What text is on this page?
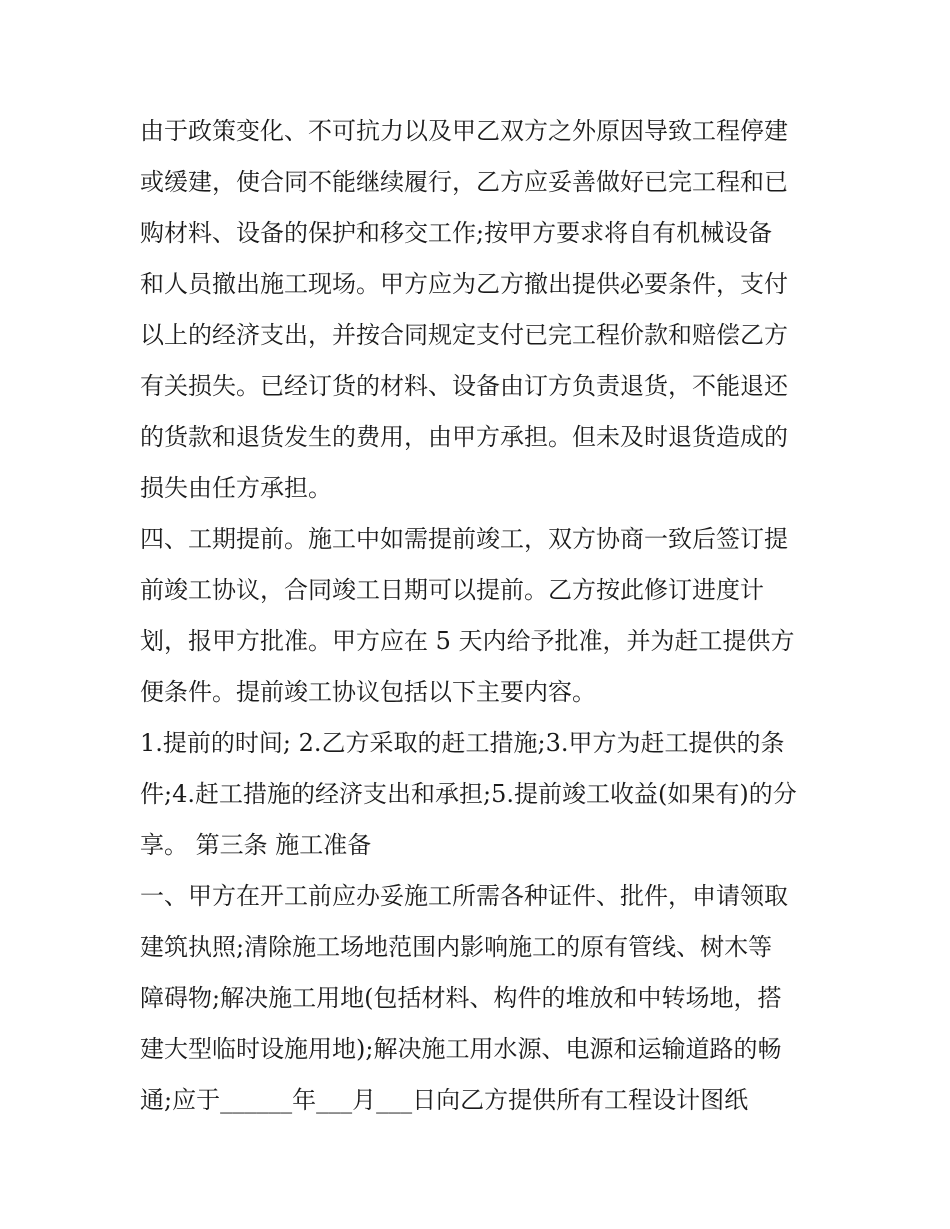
由于政策变化、不可抗力以及甲乙双方之外原因导致工程停建
或缓建，使合同不能继续履行，乙方应妥善做好已完工程和已
购材料、设备的保护和移交工作;按甲方要求将自有机械设备
和人员撤出施工现场。甲方应为乙方撤出提供必要条件，支付
以上的经济支出，并按合同规定支付已完工程价款和赔偿乙方
有关损失。已经订货的材料、设备由订方负责退货，不能退还
的货款和退货发生的费用，由甲方承担。但未及时退货造成的
损失由任方承担。
四、工期提前。施工中如需提前竣工，双方协商一致后签订提
前竣工协议，合同竣工日期可以提前。乙方按此修订进度计
划，报甲方批准。甲方应在 5 天内给予批准，并为赶工提供方
便条件。提前竣工协议包括以下主要内容。
1.提前的时间; 2.乙方采取的赶工措施;3.甲方为赶工提供的条
件;4.赶工措施的经济支出和承担;5.提前竣工收益(如果有)的分
享。 第三条 施工准备
一、甲方在开工前应办妥施工所需各种证件、批件，申请领取
建筑执照;清除施工场地范围内影响施工的原有管线、树木等
障碍物;解决施工用地(包括材料、构件的堆放和中转场地，搭
建大型临时设施用地);解决施工用水源、电源和运输道路的畅
通;应于______年___月___日向乙方提供所有工程设计图纸
